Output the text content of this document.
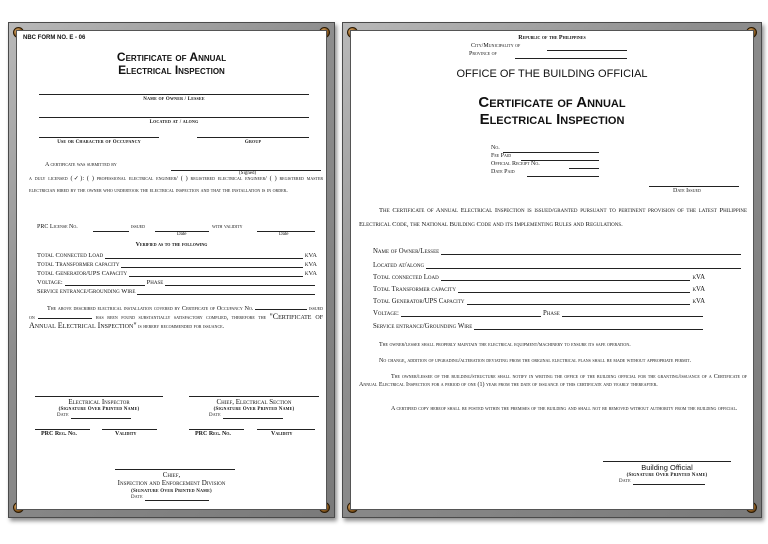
NBC FORM NO. E - 06
Certificate of Annual
Electrical Inspection
Name of Owner / Lessee
Located at / along
Use or Character of Occupancy	Group
A certificate was submitted by
(Signed)
a duly licensed (✓): ( ) professional electrical engineer/ ( ) registered electrical engineer/ ( ) registered master electrician hired by the owner who undertook the electrical inspection and that the installation is in order.
PRC License No.	issued
Date
with validity
Date
Verified as to the following
Total Connected Load	kVA
Total Transformer capacity	kVA
Total Generator/UPS Capacity	kVA
Voltage:	Phase
Service entrance/Grounding Wire
The above described electrical installation covered by Certificate of Occupancy No.	issued on	has been found substantially satisfactory complied, therefore the "Certificate of Annual Electrical Inspection" is hereby recommended for issuance.
Electrical Inspector
(Signature Over Printed Name)
Date
PRC Reg. No.	Validity
Chief, Electrical Section
(Signature Over Printed Name)
Date
PRC Reg. No.	Validity
Chief,
Inspection and Enforcement Division
(Signature Over Printed Name)
Date
Republic of the Philippines
City/Municipality of
Province of
OFFICE OF THE BUILDING OFFICIAL
Certificate of Annual
Electrical Inspection
No.
Fee Paid
Official Receipt No.
Date Paid
Date Issued
The Certificate of Annual Electrical Inspection is issued/granted pursuant to pertinent provision of the latest Philippine Electrical Code, the National Building Code and its Implementing Rules and Regulations.
Name of Owner/Lessee
Located at/along
Total connected Load	kVA
Total Transformer capacity	kVA
Total Generator/UPS Capacity	kVA
Voltage:	Phase
Service entrance/Grounding Wire
The owner/lessee shall properly maintain the electrical equipment/machinery to ensure its safe operation.
No change, addition of upgrading/alteration deviating from the original electrical plans shall be made without appropriate permit.
The owner/lessee of the building/structure shall notify in writing the office of the building official for the granting/issuance of a Certificate of Annual Electrical Inspection for a period of one (1) year from the date of issuance of this certificate and yearly thereafter.
A certified copy hereof shall be posted within the premises of the building and shall not be removed without authority from the building official.
Building Official
(Signature Over Printed Name)
Date
